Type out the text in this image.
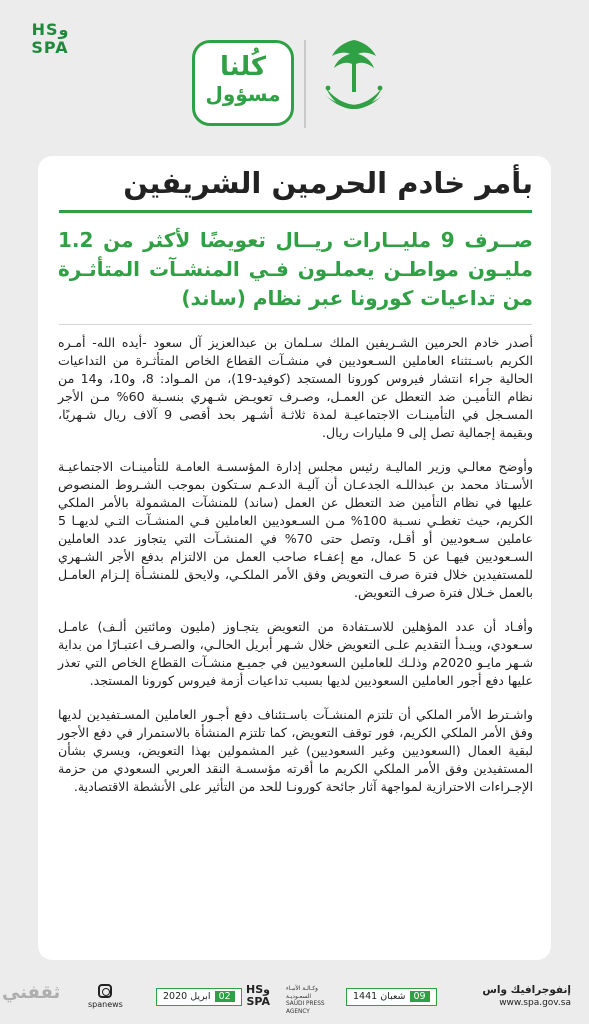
وHS
SPA
كُلنا
مسؤول
بأمر خادم الحرمين الشريفين
صــرف 9 مليــارات ريــال تعويضًا لأكثر من 1.2 مليـون مواطـن يعملـون فـي المنشـآت المتأثـرة من تداعيات كورونا عبر نظام (ساند)

أصدر خادم الحرمين الشـريفين الملك سـلمان بن عبدالعزيز آل سعود -أيده الله- أمـره الكريم باسـتثناء العاملين السـعوديين في منشـآت القطاع الخاص المتأثـرة من التداعيات الحالية جراء انتشار فيروس كورونا المستجد (كوفيد-19)، من المـواد: 8، و10، و14 من نظام التأميـن ضد التعطل عن العمـل، وصـرف تعويـض شـهري بنسـبة 60% مـن الأجر المسـجل في التأمينـات الاجتماعيـة لمدة ثلاثـة أشـهر بحد أقصى 9 آلاف ريال شـهريًا، وبقيمة إجمالية تصل إلى 9 مليارات ريال.

وأوضح معالـي وزير الماليـة رئيس مجلس إدارة المؤسسـة العامـة للتأمينـات الاجتماعيـة الأسـتاذ محمد بن عبداللـه الجدعـان أن آليـة الدعـم سـتكون بموجب الشـروط المنصوص عليها في نظام التأمين ضد التعطل عن العمل (ساند) للمنشآت المشمولة بالأمر الملكي الكريم، حيث تغطـي نسـبة 100% مـن السـعوديين العاملين فـي المنشـآت التـي لديهـا 5 عاملين سـعوديين أو أقـل، وتصل حتى 70% في المنشـآت التي يتجاوز عدد العاملين السـعوديين فيهـا عن 5 عمال، مع إعفـاء صاحب العمل من الالتزام بدفع الأجر الشـهري للمستفيدين خلال فترة صرف التعويض وفق الأمر الملكـي، ولايحق للمنشـأة إلـزام العامـل بالعمل خـلال فترة صرف التعويض.

وأفـاد أن عدد المؤهلين للاسـتفادة من التعويض يتجـاوز (مليون ومائتين ألـف) عامـل سـعودي، ويبـدأ التقديم علـى التعويض خلال شـهر أبريل الحالـي، والصـرف اعتبـارًا من بداية شـهر مايـو 2020م وذلـك للعاملين السعوديين في جميـع منشـآت القطاع الخاص التي تعذر عليها دفع أجور العاملين السعوديين لديها بسبب تداعيات أزمة فيروس كورونا المستجد.

واشـترط الأمر الملكي أن تلتزم المنشـآت باسـتئناف دفع أجـور العاملين المسـتفيدين لديها وفق الأمر الملكي الكريم، فور توقف التعويض، كما تلتزم المنشأة بالاستمرار في دفع الأجور لبقية العمال (السعوديين وغير السعوديين) غير المشمولين بهذا التعويض، ويسري بشأن المستفيدين وفق الأمر الملكي الكريم ما أقرته مؤسسـة النقد العربي السعودي من حزمة الإجـراءات الاحترازية لمواجهة آثار جائحة كورونـا للحد من التأثير على الأنشطة الاقتصادية.

إنفوجرافيك واس
www.spa.gov.sa
09شعبان 1441
وHS
SPA
وكـالـة الأنبـاء السعـوديـة
SAUDI PRESS AGENCY
02ابريل 2020
spanews
ثقفني
